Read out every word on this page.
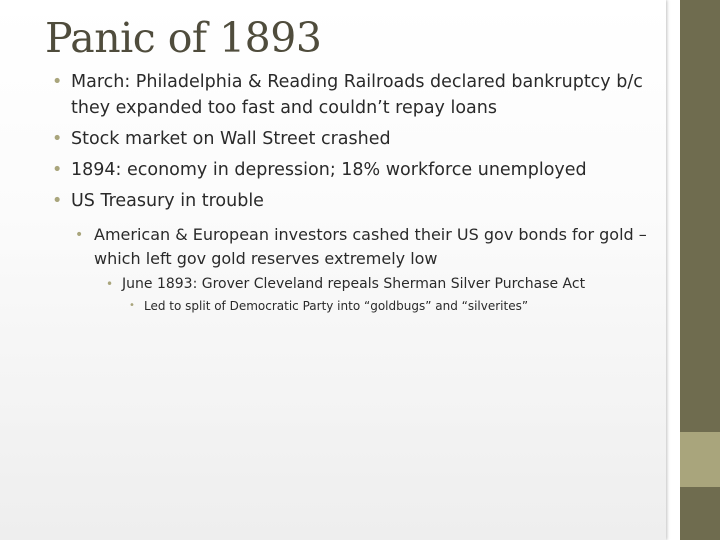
Panic of 1893
• March: Philadelphia & Reading Railroads declared bankruptcy b/c they expanded too fast and couldn’t repay loans
• Stock market on Wall Street crashed
• 1894: economy in depression; 18% workforce unemployed
• US Treasury in trouble
• American & European investors cashed their US gov bonds for gold – which left gov gold reserves extremely low
• June 1893: Grover Cleveland repeals Sherman Silver Purchase Act
• Led to split of Democratic Party into “goldbugs” and “silverites”
